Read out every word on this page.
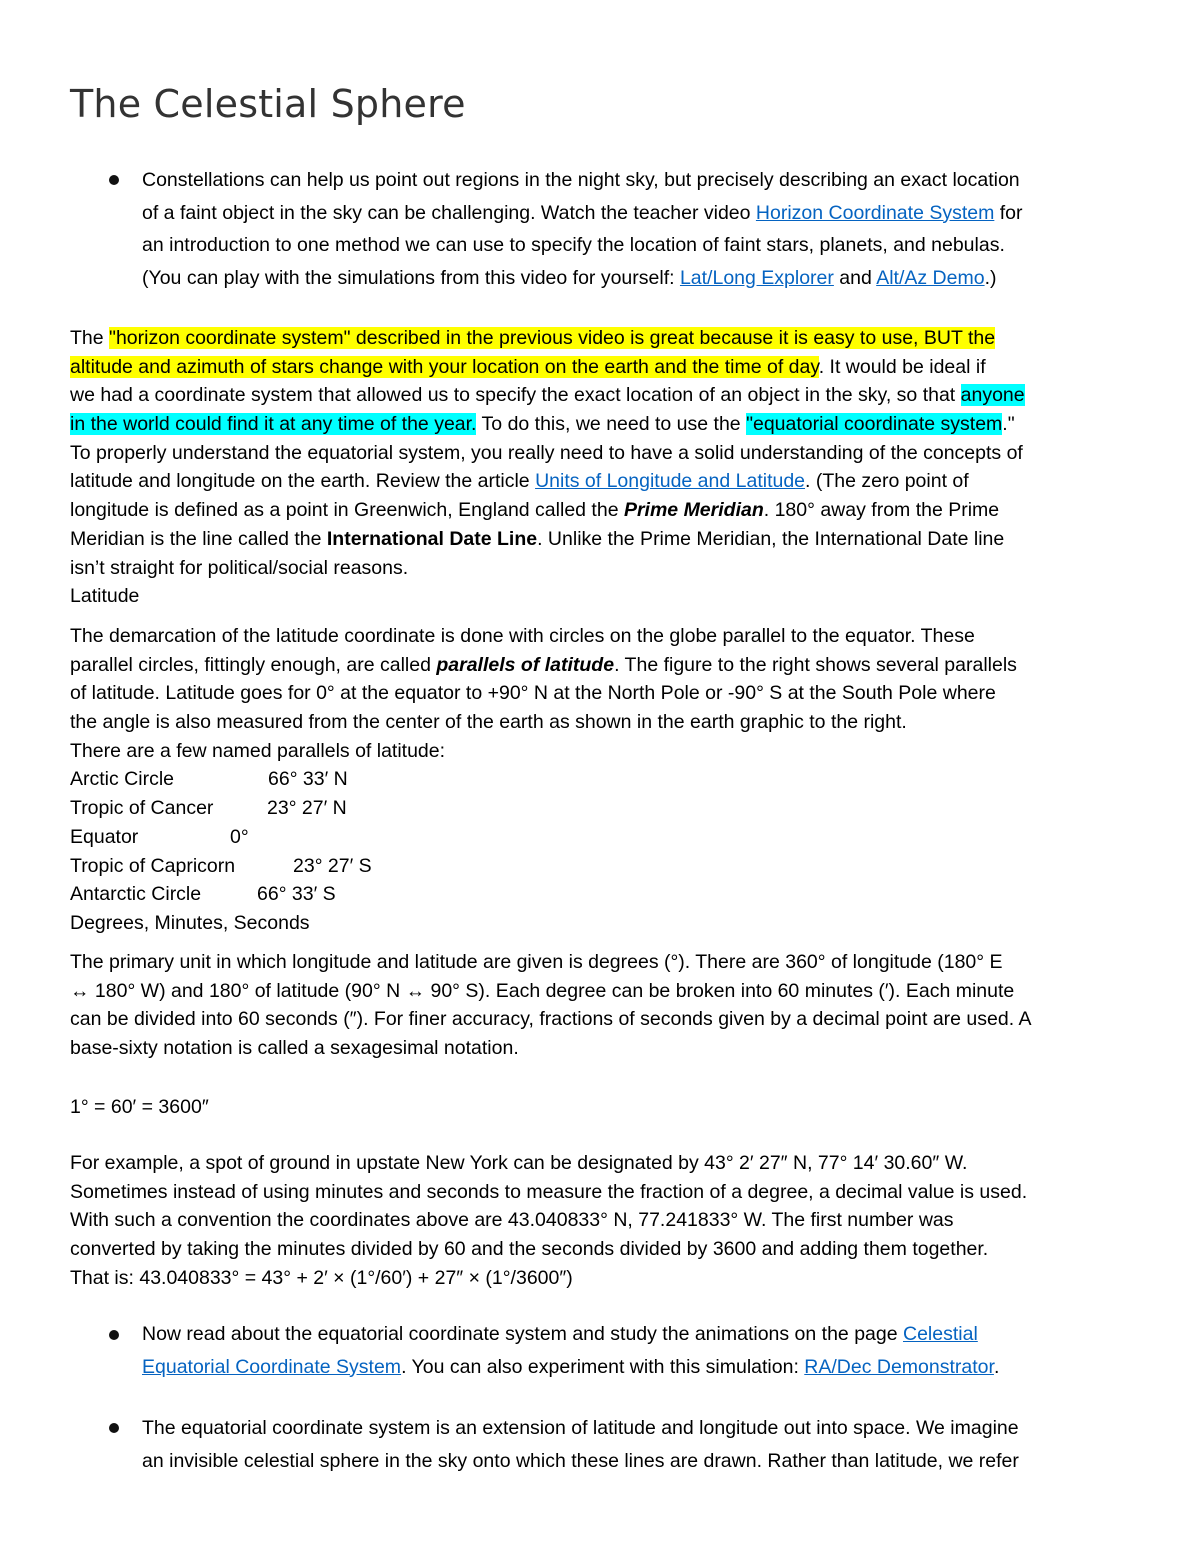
The Celestial Sphere
Constellations can help us point out regions in the night sky, but precisely describing an exact location
of a faint object in the sky can be challenging. Watch the teacher video Horizon Coordinate System for
an introduction to one method we can use to specify the location of faint stars, planets, and nebulas.
(You can play with the simulations from this video for yourself: Lat/Long Explorer and Alt/Az Demo.)
The "horizon coordinate system" described in the previous video is great because it is easy to use, BUT the
altitude and azimuth of stars change with your location on the earth and the time of day. It would be ideal if
we had a coordinate system that allowed us to specify the exact location of an object in the sky, so that anyone
in the world could find it at any time of the year. To do this, we need to use the "equatorial coordinate system."
To properly understand the equatorial system, you really need to have a solid understanding of the concepts of
latitude and longitude on the earth. Review the article Units of Longitude and Latitude. (The zero point of
longitude is defined as a point in Greenwich, England called the Prime Meridian. 180° away from the Prime
Meridian is the line called the International Date Line. Unlike the Prime Meridian, the International Date line
isn’t straight for political/social reasons.
Latitude
The demarcation of the latitude coordinate is done with circles on the globe parallel to the equator. These
parallel circles, fittingly enough, are called parallels of latitude. The figure to the right shows several parallels
of latitude. Latitude goes for 0° at the equator to +90° N at the North Pole or -90° S at the South Pole where
the angle is also measured from the center of the earth as shown in the earth graphic to the right.
There are a few named parallels of latitude:
Arctic Circle	66° 33′ N
Tropic of Cancer	23° 27′ N
Equator	0°
Tropic of Capricorn	23° 27′ S
Antarctic Circle	66° 33′ S
Degrees, Minutes, Seconds
The primary unit in which longitude and latitude are given is degrees (°). There are 360° of longitude (180° E
↔ 180° W) and 180° of latitude (90° N ↔ 90° S). Each degree can be broken into 60 minutes (′). Each minute
can be divided into 60 seconds (″). For finer accuracy, fractions of seconds given by a decimal point are used. A
base-sixty notation is called a sexagesimal notation.
1° = 60′ = 3600″
For example, a spot of ground in upstate New York can be designated by 43° 2′ 27″ N, 77° 14′ 30.60″ W.
Sometimes instead of using minutes and seconds to measure the fraction of a degree, a decimal value is used.
With such a convention the coordinates above are 43.040833° N, 77.241833° W. The first number was
converted by taking the minutes divided by 60 and the seconds divided by 3600 and adding them together.
That is: 43.040833° = 43° + 2′ × (1°/60′) + 27″ × (1°/3600″)
Now read about the equatorial coordinate system and study the animations on the page Celestial
Equatorial Coordinate System. You can also experiment with this simulation: RA/Dec Demonstrator.
The equatorial coordinate system is an extension of latitude and longitude out into space. We imagine
an invisible celestial sphere in the sky onto which these lines are drawn. Rather than latitude, we refer
